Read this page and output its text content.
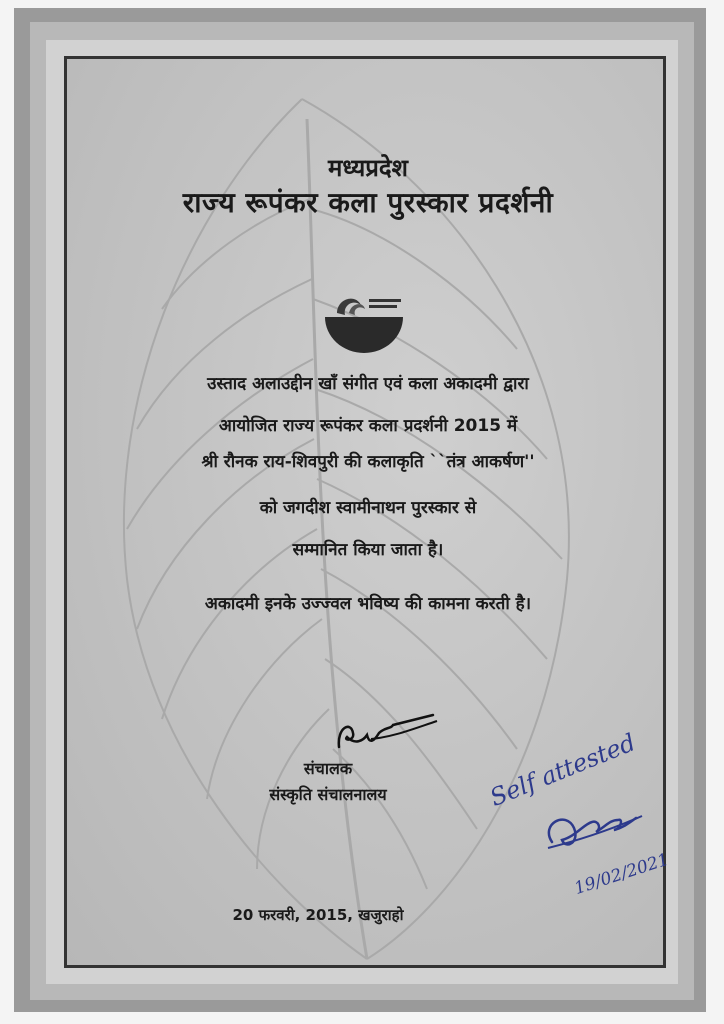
मध्यप्रदेश
राज्य रूपंकर कला पुरस्कार प्रदर्शनी
उस्ताद अलाउद्दीन खाँ संगीत एवं कला अकादमी द्वारा
आयोजित राज्य रूपंकर कला प्रदर्शनी 2015 में
श्री रौनक राय-शिवपुरी की कलाकृति ``तंत्र आकर्षण''
को जगदीश स्वामीनाथन पुरस्कार से
सम्मानित किया जाता है।
अकादमी इनके उज्ज्वल भविष्य की कामना करती है।
संचालक
संस्कृति संचालनालय
20 फरवरी, 2015, खजुराहो
Self attested
19/02/2021
